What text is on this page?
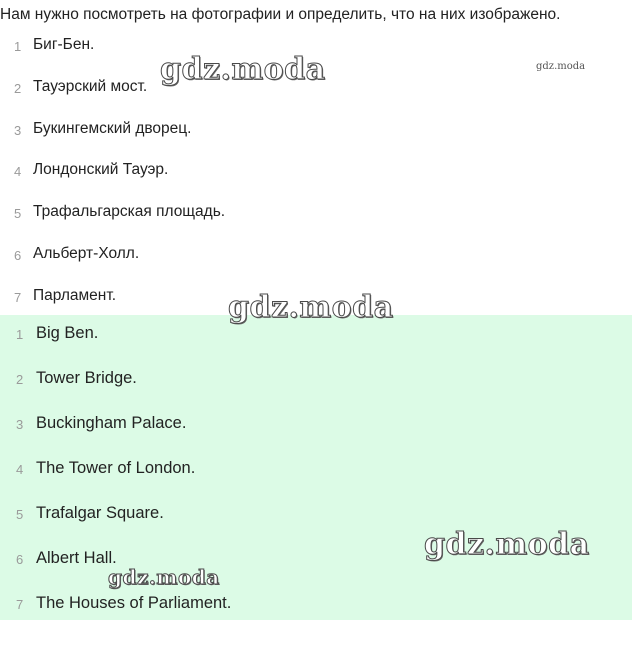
Нам нужно посмотреть на фотографии и определить, что на них изображено.
1 Биг-Бен.
2 Тауэрский мост.
3 Букингемский дворец.
4 Лондонский Тауэр.
5 Трафальгарская площадь.
6 Альберт-Холл.
7 Парламент.
1 Big Ben.
2 Tower Bridge.
3 Buckingham Palace.
4 The Tower of London.
5 Trafalgar Square.
6 Albert Hall.
7 The Houses of Parliament.
gdz.moda	gdz.moda
gdz.moda
gdz.moda
gdz.moda
